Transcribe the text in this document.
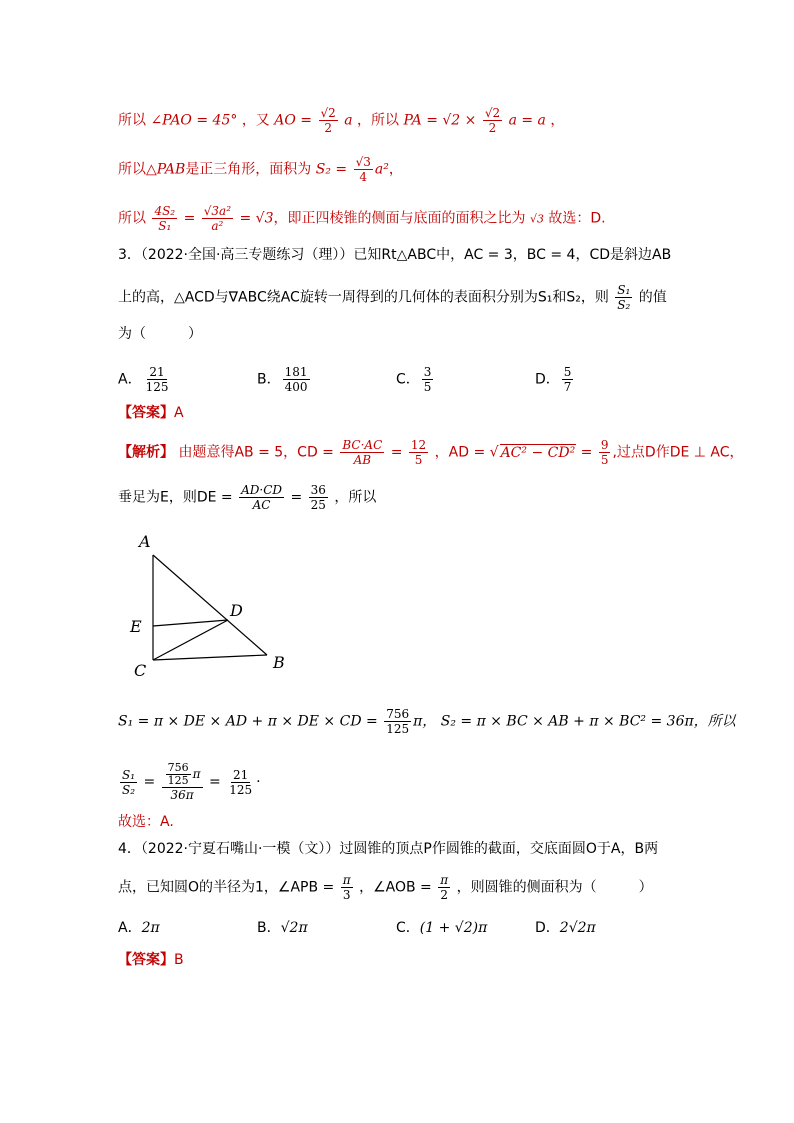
所以 ∠PAO = 45° ，又 AO = $\frac{√2}{2}$ a ，所以 PA = $√2 \times \frac{√2}{2}$ a = a ，
所以△PAB是正三角形，面积为 $S_2 = \frac{√3}{4} a^2$，
所以 $\frac{\text{4S₂}}{\text{S₁}} = \frac{\text{√3a²}}{\text{a²}} = √3$，即正四棱锥的侧面与底面的面积之比为 √3 故选：D.
3．（2022·全国·高三专题练习（理））已知Rt△ABC中，AC = 3，BC = 4，CD是斜边AB
上的高，△ACD与∇ABC绕AC旋转一周得到的几何体的表面积分别为S₁和S₂，则 $\frac{\text{S₁}}{\text{S₂}}$ 的值
为（　　　）
A． $\frac{21}{125}$	B． $\frac{181}{400}$	C． $\frac{3}{5}$	D． $\frac{5}{7}$
【答案】A
【解析】 由题意得AB = 5，CD = $\frac{BC\cdot AC}{AB} = \frac{12}{5}$ ，AD = √ $AC^2 - CD^2 = \frac{9}{5}$ ,过点D作DE ⊥ AC，
垂足为E，则DE = $\frac{AD\cdot CD}{AC} = \frac{36}{25}$ ，所以
A
E
D
C	B
S₁ = π × DE × AD + π × DE × CD = $\frac{756}{125}$ π， S₂ = π × BC × AB + π × BC² = 36π，所以
$\frac{\text{S₁}}{\text{S₂}} = \frac{\frac{756}{125} \pi}{36\pi} = \frac{21}{125}$ ·
故选：A.
4．（2022·宁夏石嘴山·一模（文））过圆锥的顶点P作圆锥的截面，交底面圆O于A，B两
点，已知圆O的半径为1，∠APB = $\frac{\pi}{3}$ ，∠AOB = $\frac{\pi}{2}$ ，则圆锥的侧面积为（　　　）
A．2π	B．√2π	C．(1 + √2)π	D．2√2π
【答案】B
